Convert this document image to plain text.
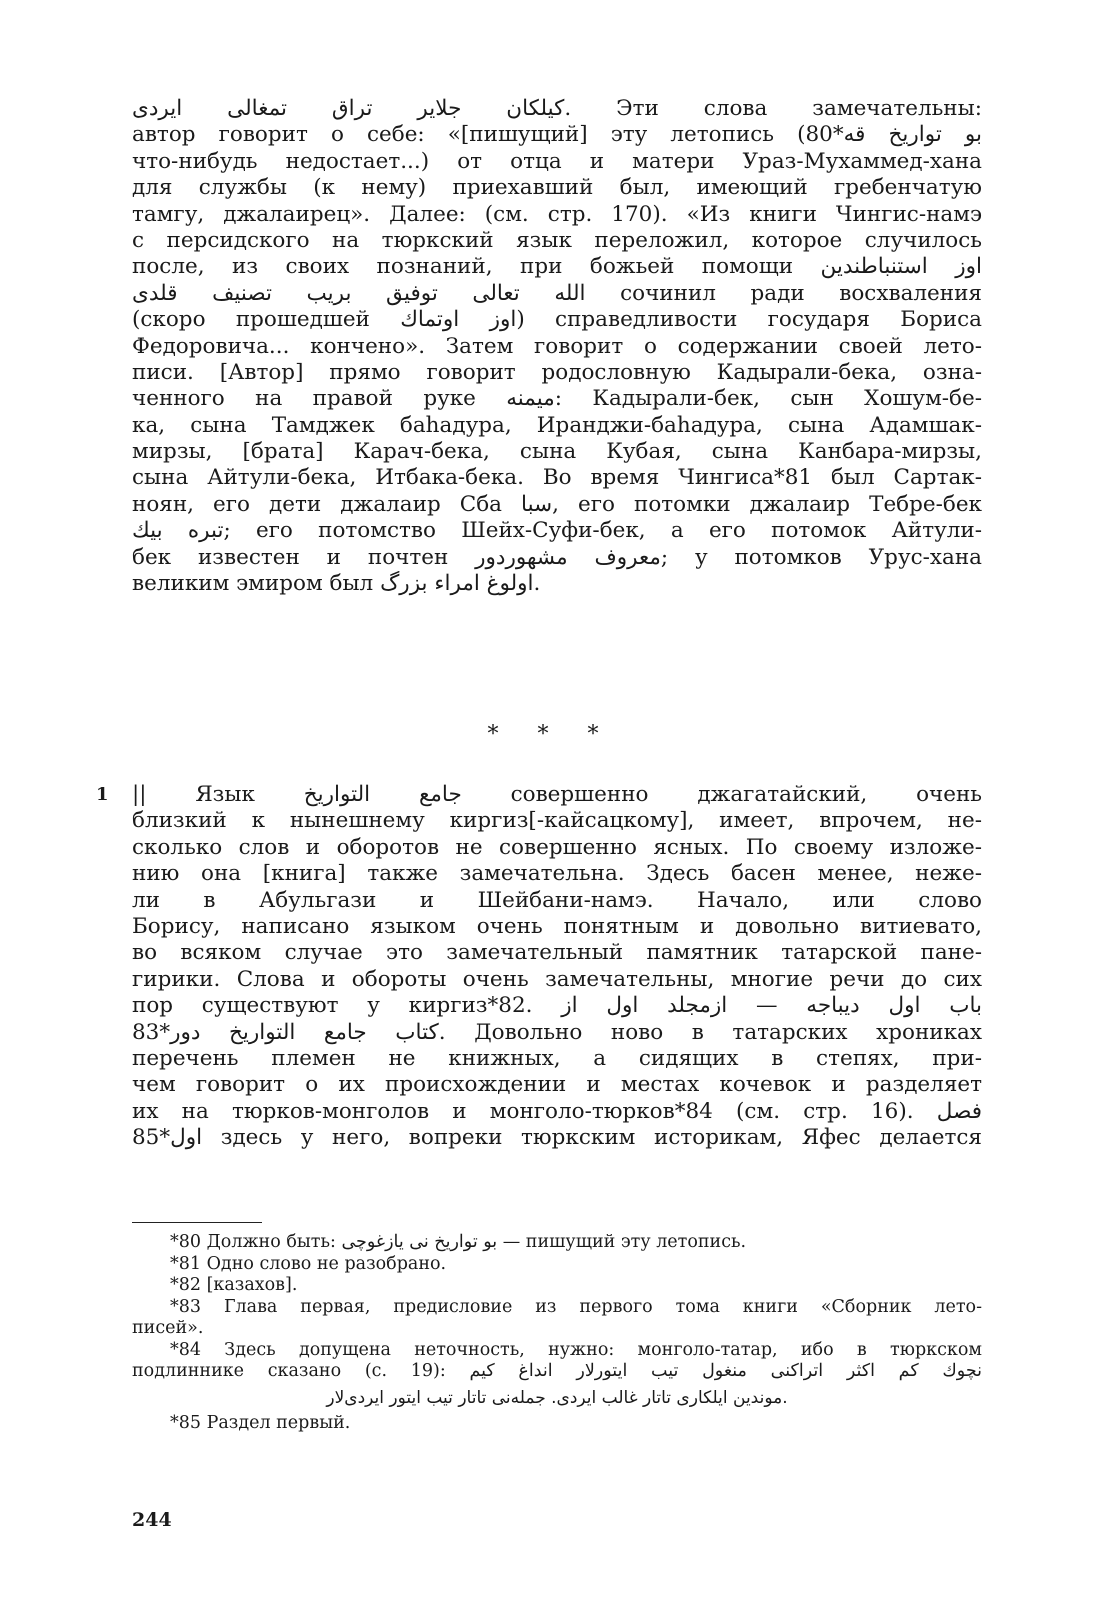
كيلكان جلاير تراق تمغالى ايردى. Эти слова замечательны:
автор говорит о себе: «[пишущий] эту летопись (بو تواريخ قه*80
что-нибудь недостает...) от отца и матери Ураз-Мухаммед-хана
для службы (к нему) приехавший был, имеющий гребенчатую
тамгу, джалаирец». Далее: (см. стр. 170). «Из книги Чингис-намэ
с персидского на тюркский язык переложил, которое случилось
после, из своих познаний, при божьей помощи اوز استنباطندين
الله تعالى توفيق بريب تصنيف قلدى сочинил ради восхваления
(скоро прошедшей اوز اوتماك) справедливости государя Бориса
Федоровича... кончено». Затем говорит о содержании своей лето-
писи. [Автор] прямо говорит родословную Кадырали-бека, озна-
ченного на правой руке ميمنه: Кадырали-бек, сын Хошум-бе-
ка, сына Тамджек баhадура, Иранджи-баhадура, сына Адамшак-
мирзы, [брата] Карач-бека, сына Кубая, сына Канбара-мирзы,
сына Айтули-бека, Итбака-бека. Во время Чингиса*81 был Сартак-
ноян, его дети джалаир Сба سبا, его потомки джалаир Тебре-бек
تبره بيك; его потомство Шейх-Суфи-бек, а его потомок Айтули-
бек известен и почтен معروف مشهوردور; у потомков Урус-хана
великим эмиром был اولوغ امراء بزرگ.
* * *
1 || Язык جامع التواريخ совершенно джагатайский, очень
близкий к нынешнему киргиз[-кайсацкому], имеет, впрочем, не-
сколько слов и оборотов не совершенно ясных. По своему изложе-
нию она [книга] также замечательна. Здесь басен менее, неже-
ли в Абульгази и Шейбани-намэ. Начало, или слово
Борису, написано языком очень понятным и довольно витиевато,
во всяком случае это замечательный памятник татарской пане-
гирики. Слова и обороты очень замечательны, многие речи до сих
пор существуют у киргиз*82. باب اول ديباجه — ازمجلد اول از
كتاب جامع التواريخ دور*83. Довольно ново в татарских хрониках
перечень племен не книжных, а сидящих в степях, при-
чем говорит о их происхождении и местах кочевок и разделяет
их на тюрков-монголов и монголо-тюрков*84 (см. стр. 16). فصل
اول*85 здесь у него, вопреки тюркским историкам, Яфес делается
*80 Должно быть: بو تواريخ نى يازغوچى — пишущий эту летопись.
*81 Одно слово не разобрано.
*82 [казахов].
*83 Глава первая, предисловие из первого тома книги «Сборник лето-
писей».
*84 Здесь допущена неточность, нужно: монголо-татар, ибо в тюркском
подлиннике сказано (с. 19): نچوك كم اكثر اتراكنى منغول تيب ايتورلار انداغ كيم
موندين ايلكارى تاتار غالب ايردى. جمله‌نى تاتار تيب ايتور ايردى‌لار.
*85 Раздел первый.
244
